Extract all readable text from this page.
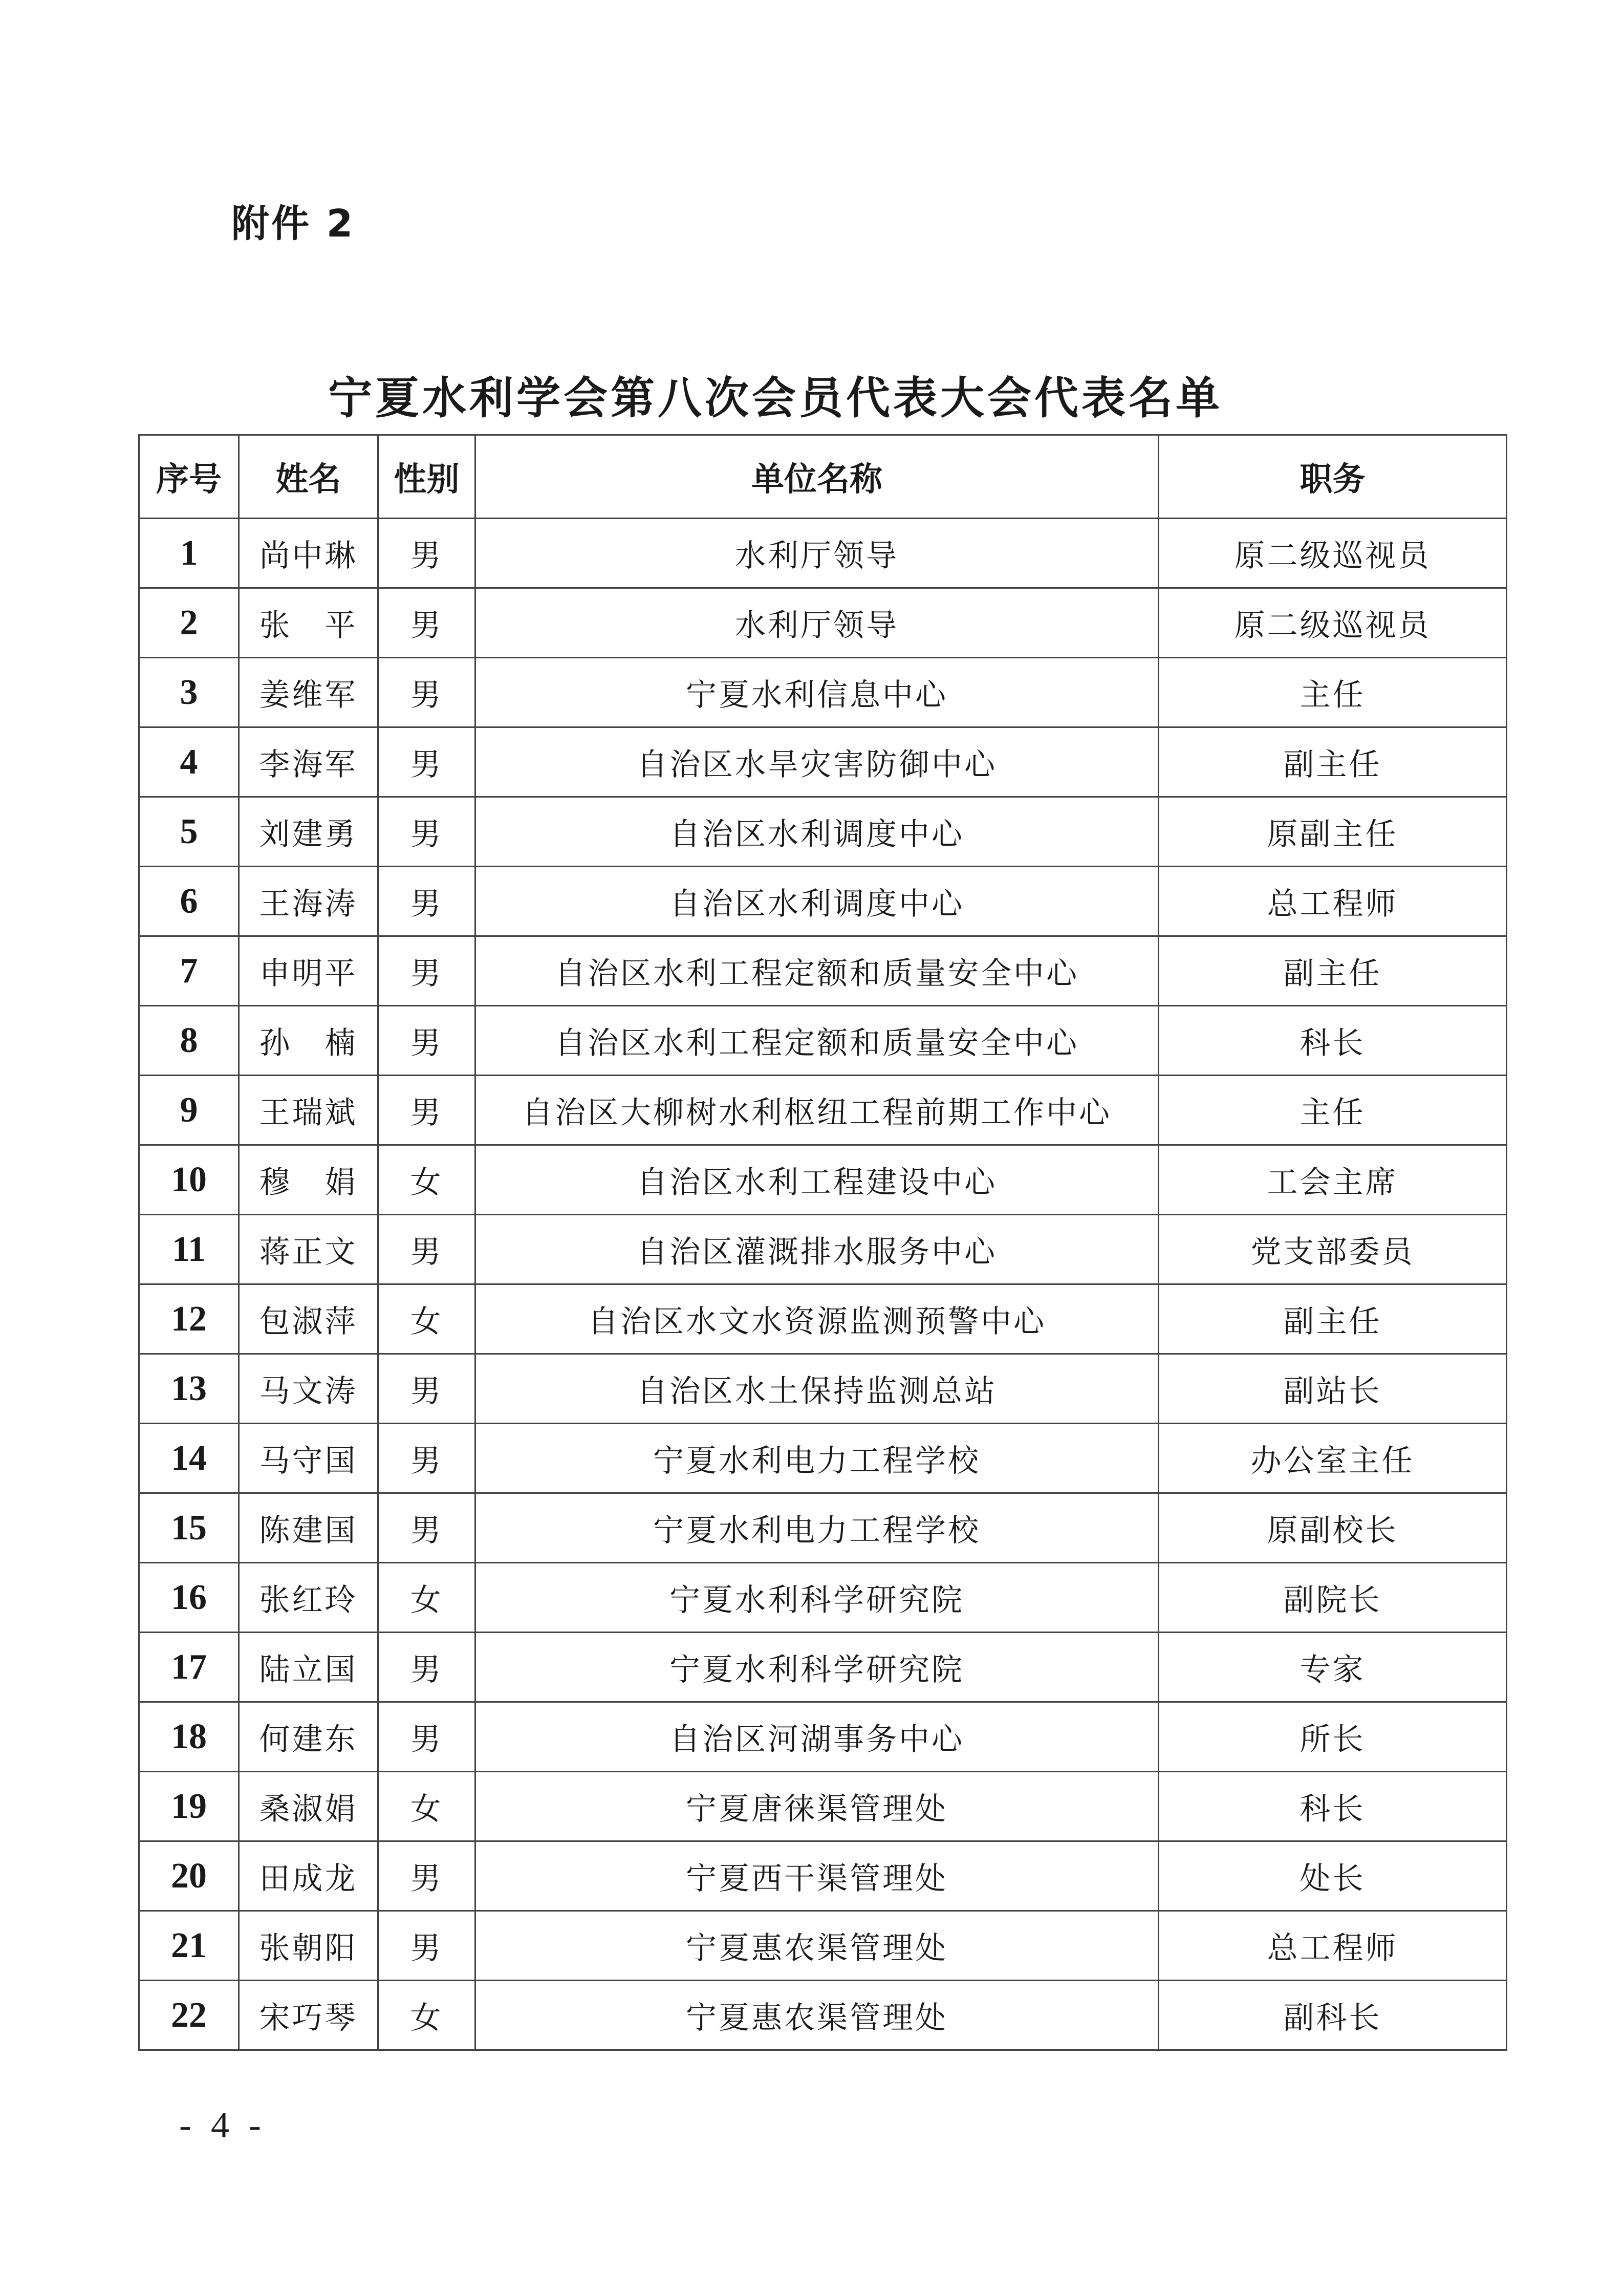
附件 2
宁夏水利学会第八次会员代表大会代表名单
序号	姓名	性别	单位名称	职务
1	尚中琳	男	水利厅领导	原二级巡视员
2	张　平	男	水利厅领导	原二级巡视员
3	姜维军	男	宁夏水利信息中心	主任
4	李海军	男	自治区水旱灾害防御中心	副主任
5	刘建勇	男	自治区水利调度中心	原副主任
6	王海涛	男	自治区水利调度中心	总工程师
7	申明平	男	自治区水利工程定额和质量安全中心	副主任
8	孙　楠	男	自治区水利工程定额和质量安全中心	科长
9	王瑞斌	男	自治区大柳树水利枢纽工程前期工作中心	主任
10	穆　娟	女	自治区水利工程建设中心	工会主席
11	蒋正文	男	自治区灌溉排水服务中心	党支部委员
12	包淑萍	女	自治区水文水资源监测预警中心	副主任
13	马文涛	男	自治区水土保持监测总站	副站长
14	马守国	男	宁夏水利电力工程学校	办公室主任
15	陈建国	男	宁夏水利电力工程学校	原副校长
16	张红玲	女	宁夏水利科学研究院	副院长
17	陆立国	男	宁夏水利科学研究院	专家
18	何建东	男	自治区河湖事务中心	所长
19	桑淑娟	女	宁夏唐徕渠管理处	科长
20	田成龙	男	宁夏西干渠管理处	处长
21	张朝阳	男	宁夏惠农渠管理处	总工程师
22	宋巧琴	女	宁夏惠农渠管理处	副科长
- 4 -
